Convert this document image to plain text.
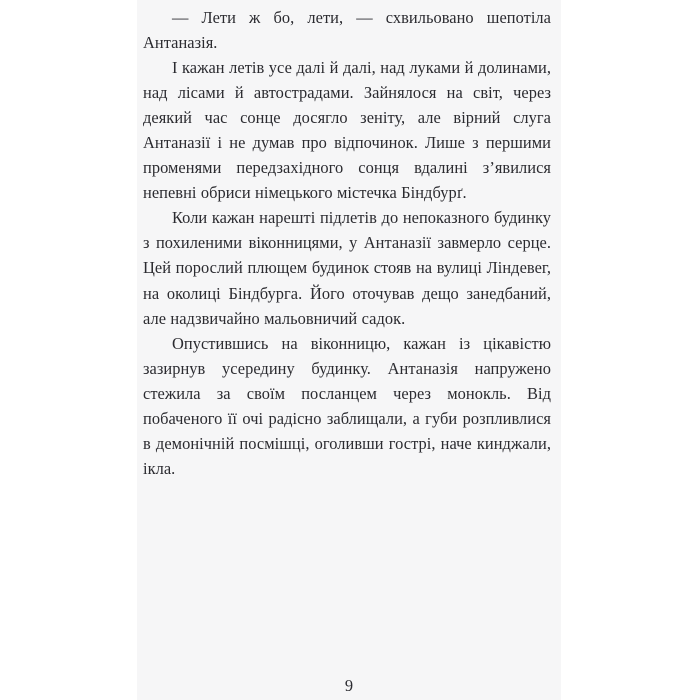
— Лети ж бо, лети, — схвильовано шепотіла Антаназія.

І кажан летів усе далі й далі, над луками й долинами, над лісами й автострадами. Зайнялося на світ, через деякий час сонце досягло зеніту, але вірний слуга Антаназії і не думав про відпочинок. Лише з першими променями передзахідного сонця вдалині з’явилися непевні обриси німецького містечка Біндбурґ.

Коли кажан нарешті підлетів до непоказного будинку з похиленими віконницями, у Антаназії завмерло серце. Цей порослий плющем будинок стояв на вулиці Ліндевег, на околиці Біндбурга. Його оточував дещо занедбаний, але надзвичайно мальовничий садок.

Опустившись на віконницю, кажан із цікавістю зазирнув усередину будинку. Антаназія напружено стежила за своїм посланцем через монокль. Від побаченого її очі радісно заблищали, а губи розпливлися в демонічній посмішці, оголивши гострі, наче кинджали, ікла.

9
